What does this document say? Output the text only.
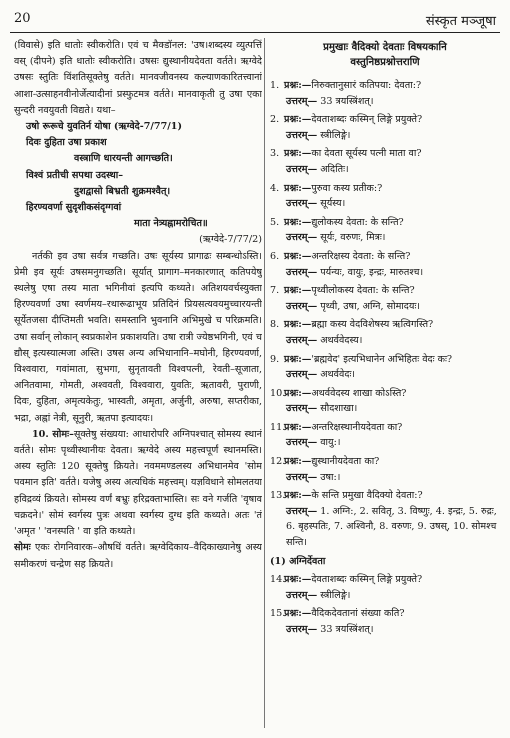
20	संस्कृत मञ्जूषा

(विवासे) इति धातोः स्वीकरोति। एवं च मैक्डॉनल: 'उष।शब्दस्य व्युत्पत्तिं वस् (दीपने) इति धातोः स्वीकरोति। उषसः द्युस्थानीयदेवता वर्तते। ऋग्वेदे उषसः स्तुतिः विंशतिसूक्तेषु वर्तते। मानवजीवनस्य कल्याणकारितत्त्वानां आशा-उत्साहनवीनोर्जेत्यादीनां प्रस्फुटमत्र वर्तते। मानवाकृती तु उषा एका सुन्दरी नवयुवती विद्यते। यथा–

उषो रूरूचे युवतिर्न योषा (ऋग्वेदे-7/77/1)

दिवः दुहिता उषा प्रकाश

वस्त्राणि धारयन्ती आगच्छति।

विश्वं प्रतीची सपथा उदस्था–

दुशद्वासो बिभ्रती शुक्रमश्वैत्।

हिरण्यवर्णा सुदृशीकसंदृग्गवां

माता नेत्र्यह्नामरोचित॥

(ऋग्वेदे-7/77/2)

नर्तकी इव उषा सर्वत्र गच्छति। उषः सूर्यस्य प्रागाढः सम्बन्धोऽस्ति। प्रेमी इव सूर्यः उषसमनुगच्छति। सूर्यात् प्रागाग–मनकारणात् कतिपयेषु स्थलेषु एषा तस्य माता भगिनीवां इत्यपि कथ्यते। अतिशयवर्चस्युक्ता हिरण्यवर्णा उषा स्वर्णमय–रथारूढाभूय प्रतिदिनं प्रियसत्यवयमुच्चारयन्ती सूर्येतजसा दीप्तिमती भवति। समस्तानि भुवनानि अभिमुखे च परिक्रमति। उषा सर्वान् लोकान् स्वप्रकाशेन प्रकाशयति। उषा रात्री ज्येष्ठभगिनी, एवं च द्यौस् इत्यस्यात्मजा अस्ति। उषस अन्य अभिधानानि–मघोनी, हिरण्यवर्णा, विश्ववारा, गवांमाता, सुभगा, सुनृतावती विश्वपत्नी, रेवती–सूजाता, अनितवामा, गोमती, अश्ववती, विश्ववारा, युवतिः, ऋतावरी, पुराणी, दिवः, दुहिता, अमृत्यकेतुः, भास्वती, अमृता, अर्जुनी, अरुषा, सप्तरीका, भद्रा, अह्नां नेत्री, सूनुरी, ऋतपा इत्यादयः।

10. सोमः–सूक्तेषु संख्यया: आधारोपरि अग्निपश्चात् सोमस्य स्थानं वर्तते। सोमः पृथ्वीस्थानीयः देवता। ऋग्वेदे अस्य महत्त्वपूर्णं स्थानमस्ति। अस्य स्तुतिः 120 सूक्तेषु क्रियते। नवममण्डलस्य अभिधानमेव 'सोम पवमान इति' वर्तते। यजेषु अस्य अत्यधिकं महत्त्वम्। यज्ञविधाने सोमलतया हविद्रव्यं क्रियते। सोमस्य वर्णं बभ्रुः हरिद्रक्ताभास्ति। सः वने गर्जति 'वृषाव चक्रदने।' सोमं स्वर्गस्य पुत्रः अथवा स्वर्गस्य दुग्ध इति कथ्यते। अतः 'तं 'अमृत ' 'वनस्पति ' वा इति कथ्यते।

सोमः एकः रोगनिवारक–औषधिं वर्तते। ऋग्वेदिकाय–वैदिकाख्यानेषु अस्य समीकरणं चन्द्रेण सह क्रियते।

प्रमुखाः वैदिक्यो देवताः विषयकानि
वस्तुनिष्ठप्रश्नोत्तराणि
1. प्रश्नः:—निरुक्तानुसारं कतिपया: देवता:?
उत्तरम्— 33 त्रयस्त्रिंशत्।
2. प्रश्नः:—देवताशब्दः कस्मिन् लिङ्गे प्रयुक्ते?
उत्तरम्— स्त्रीलिङ्गे।
3. प्रश्नः:—का देवता सूर्यस्य पत्नी माता वा?
उत्तरम्— अदितिः।
4. प्रश्नः:—पुरुवा कस्य प्रतीक:?
उत्तरम्— सूर्यस्य।
5. प्रश्नः:—द्युलोकस्य देवता: के सन्ति?
उत्तरम्— सूर्यः, वरुणः, मित्रः।
6. प्रश्नः:—अन्तरिक्षस्य देवता: के सन्ति?
उत्तरम्— पर्यन्यः, वायुः, इन्द्रः, मारुतश्च।
7. प्रश्नः:—पृथ्वीलोकस्य देवता: के सन्ति?
उत्तरम्— पृथ्वी, उषा, अग्नि, सोमादयः।
8. प्रश्नः:—ब्रह्मा कस्य वेदविशेषस्य ऋत्विगस्ति?
उत्तरम्— अथर्ववेदस्य।
9. प्रश्नः:—'ब्रह्मवेद' इत्यभिधानेन अभिहितः वेदः कः?
उत्तरम्— अथर्ववेदः।
10.
प्रश्नः:—अथर्ववेदस्य शाखा कोऽस्ति?
उत्तरम्— सौदशाखा।
11.
प्रश्नः:—अन्तरिक्षस्थानीयदेवता का?
उत्तरम्— वायु:।
12.
प्रश्नः:—द्युस्थानीयदेवता का?
उत्तरम्— उषा:।
13.
प्रश्नः:—के सन्ति प्रमुखा वैदिक्यो देवता:?
उत्तरम्— 1. अग्नि:, 2. सवितृ, 3. विष्णुः, 4. इन्द्रः, 5. रुद्रः, 6. बृहस्पतिः, 7. अश्विनौ, 8. वरुणः, 9. उषस्, 10. सोमश्च सन्ति।
(1) अग्निर्देवता
14.
प्रश्नः:—देवताशब्दः कस्मिन् लिङ्गे प्रयुक्ते?
उत्तरम्— स्त्रीलिङ्गे।
15.
प्रश्नः:—वैदिकदेवतानां संख्या कति?
उत्तरम्— 33 त्रयस्त्रिंशत्।
